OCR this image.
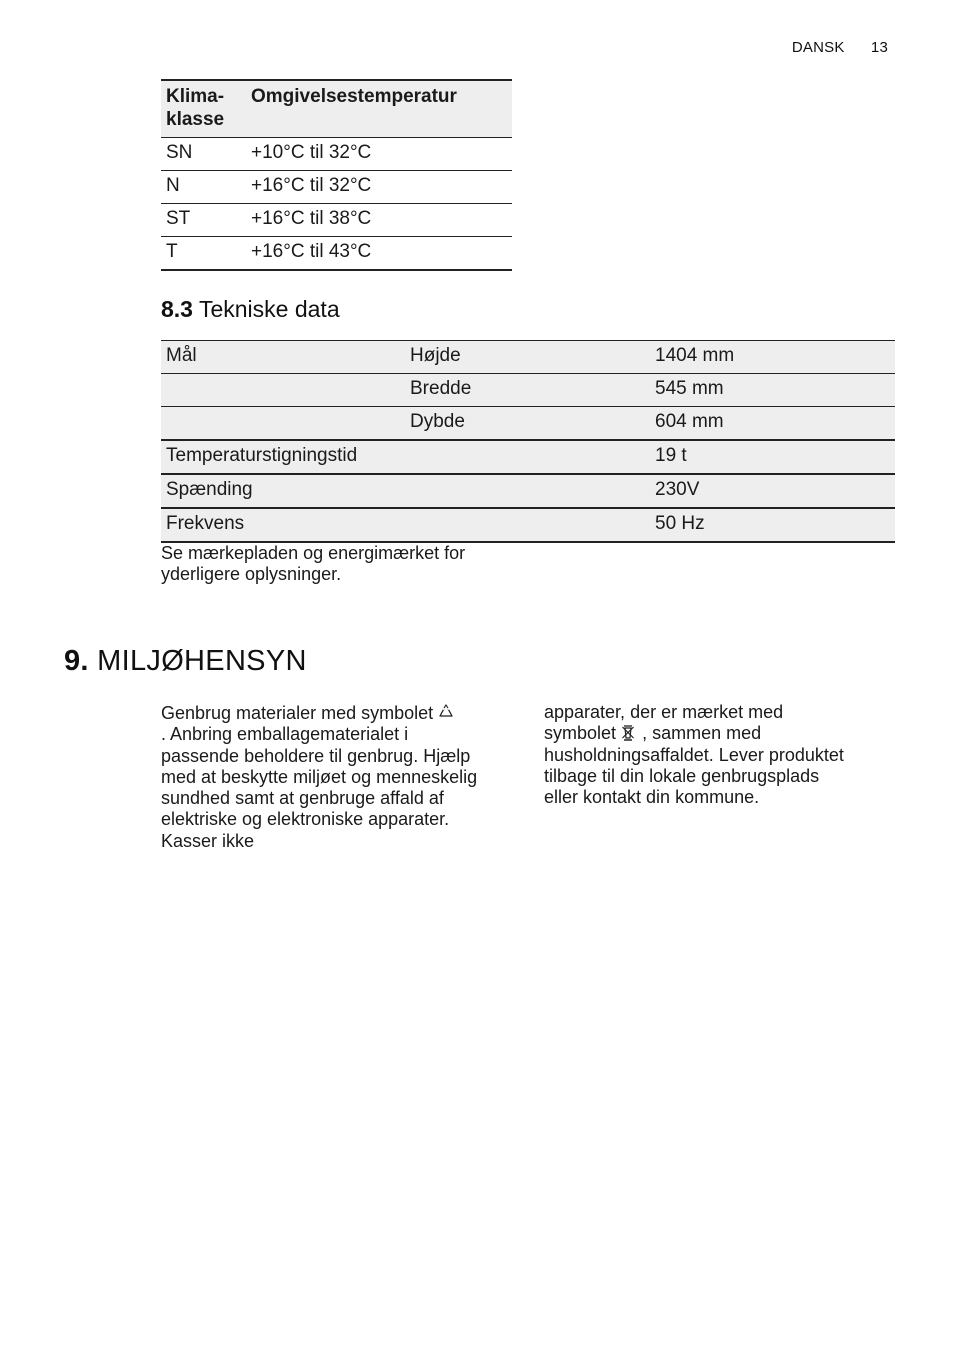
DANSK 13
Klima-
klasse	Omgivelsestemperatur
SN	+10°C til 32°C
N	+16°C til 32°C
ST	+16°C til 38°C
T	+16°C til 43°C
8.3 Tekniske data
Mål	Højde	1404 mm
	Bredde	545 mm
	Dybde	604 mm
Temperaturstigningstid		19 t
Spænding		230V
Frekvens		50 Hz

Se mærkepladen og energimærket for yderligere oplysninger.

9. MILJØHENSYN

Genbrug materialer med symbolet
. Anbring emballagematerialet i passende beholdere til genbrug. Hjælp med at beskytte miljøet og menneskelig sundhed samt at genbruge affald af elektriske og elektroniske apparater. Kasser ikke

apparater, der er mærket med symbolet , sammen med husholdningsaffaldet. Lever produktet tilbage til din lokale genbrugsplads eller kontakt din kommune.
